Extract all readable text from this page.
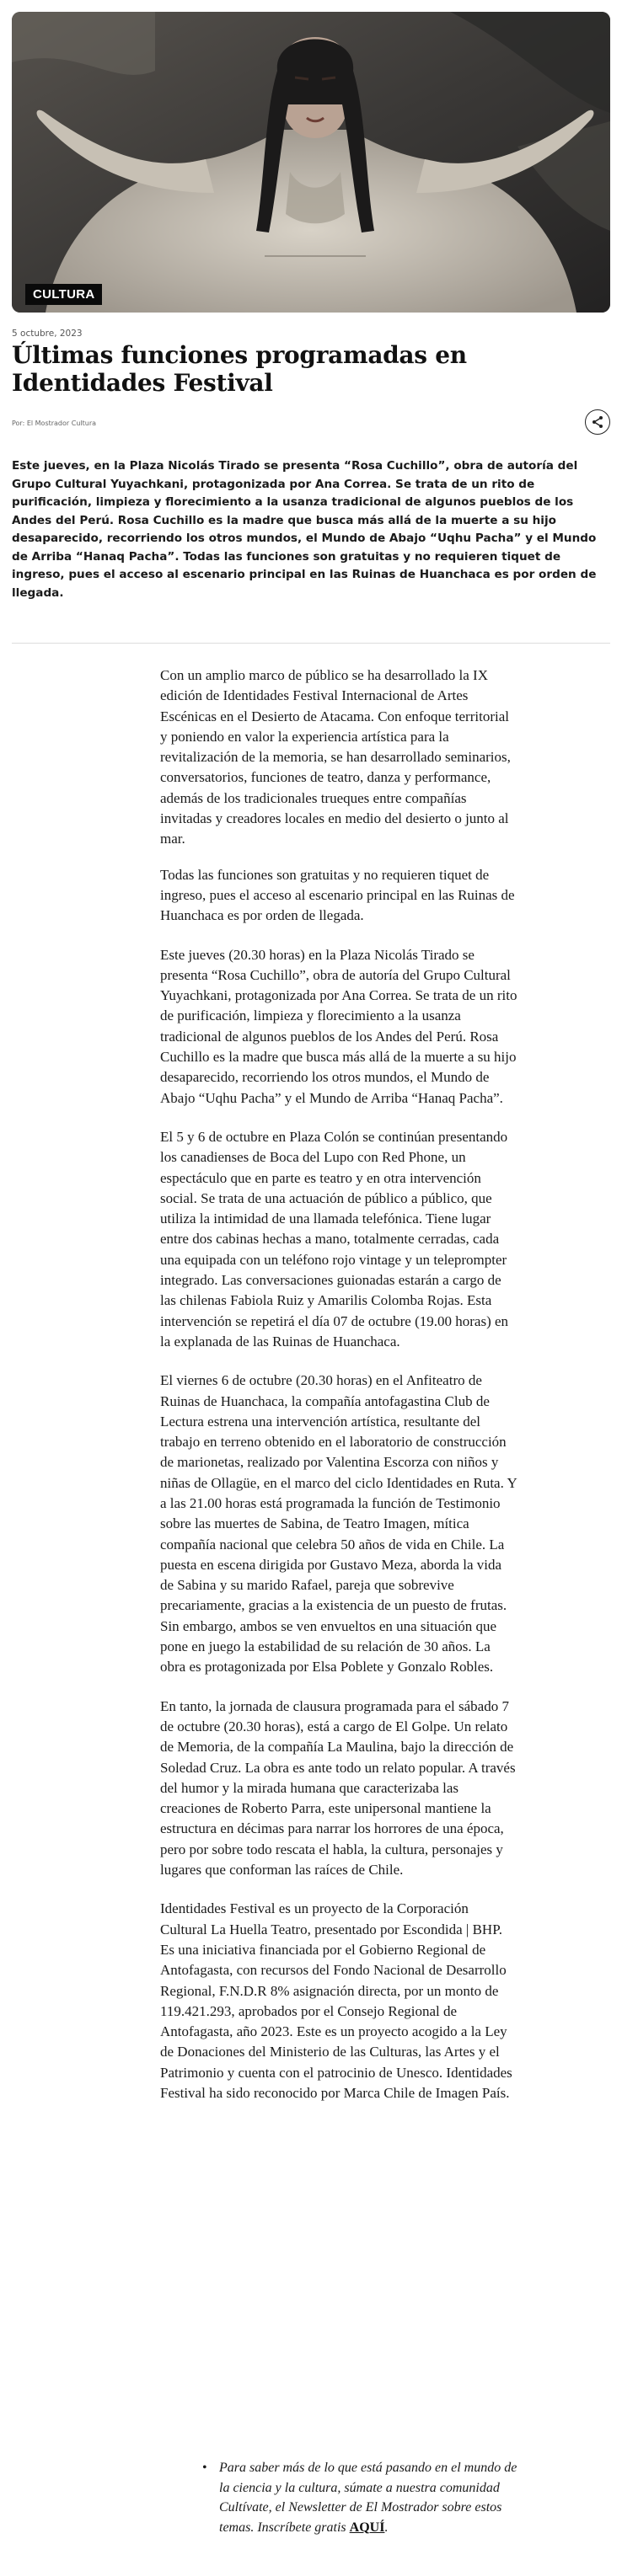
CULTURA
5 octubre, 2023
Últimas funciones programadas en Identidades Festival
Por: El Mostrador Cultura

Este jueves, en la Plaza Nicolás Tirado se presenta “Rosa Cuchillo”, obra de autoría del Grupo Cultural Yuyachkani, protagonizada por Ana Correa. Se trata de un rito de purificación, limpieza y florecimiento a la usanza tradicional de algunos pueblos de los Andes del Perú. Rosa Cuchillo es la madre que busca más allá de la muerte a su hijo desaparecido, recorriendo los otros mundos, el Mundo de Abajo “Uqhu Pacha” y el Mundo de Arriba “Hanaq Pacha”. Todas las funciones son gratuitas y no requieren tiquet de ingreso, pues el acceso al escenario principal en las Ruinas de Huanchaca es por orden de llegada.

Con un amplio marco de público se ha desarrollado la IX edición de Identidades Festival Internacional de Artes Escénicas en el Desierto de Atacama. Con enfoque territorial y poniendo en valor la experiencia artística para la revitalización de la memoria, se han desarrollado seminarios, conversatorios, funciones de teatro, danza y performance, además de los tradicionales trueques entre compañías invitadas y creadores locales en medio del desierto o junto al mar.

Todas las funciones son gratuitas y no requieren tiquet de ingreso, pues el acceso al escenario principal en las Ruinas de Huanchaca es por orden de llegada.

Este jueves (20.30 horas) en la Plaza Nicolás Tirado se presenta “Rosa Cuchillo”, obra de autoría del Grupo Cultural Yuyachkani, protagonizada por Ana Correa. Se trata de un rito de purificación, limpieza y florecimiento a la usanza tradicional de algunos pueblos de los Andes del Perú. Rosa Cuchillo es la madre que busca más allá de la muerte a su hijo desaparecido, recorriendo los otros mundos, el Mundo de Abajo “Uqhu Pacha” y el Mundo de Arriba “Hanaq Pacha”.

El 5 y 6 de octubre en Plaza Colón se continúan presentando los canadienses de Boca del Lupo con Red Phone, un espectáculo que en parte es teatro y en otra intervención social. Se trata de una actuación de público a público, que utiliza la intimidad de una llamada telefónica. Tiene lugar entre dos cabinas hechas a mano, totalmente cerradas, cada una equipada con un teléfono rojo vintage y un teleprompter integrado. Las conversaciones guionadas estarán a cargo de las chilenas Fabiola Ruiz y Amarilis Colomba Rojas. Esta intervención se repetirá el día 07 de octubre (19.00 horas) en la explanada de las Ruinas de Huanchaca.

El viernes 6 de octubre (20.30 horas) en el Anfiteatro de Ruinas de Huanchaca, la compañía antofagastina Club de Lectura estrena una intervención artística, resultante del trabajo en terreno obtenido en el laboratorio de construcción de marionetas, realizado por Valentina Escorza con niños y niñas de Ollagüe, en el marco del ciclo Identidades en Ruta. Y a las 21.00 horas está programada la función de Testimonio sobre las muertes de Sabina, de Teatro Imagen, mítica compañía nacional que celebra 50 años de vida en Chile. La puesta en escena dirigida por Gustavo Meza, aborda la vida de Sabina y su marido Rafael, pareja que sobrevive precariamente, gracias a la existencia de un puesto de frutas. Sin embargo, ambos se ven envueltos en una situación que pone en juego la estabilidad de su relación de 30 años. La obra es protagonizada por Elsa Poblete y Gonzalo Robles.

En tanto, la jornada de clausura programada para el sábado 7 de octubre (20.30 horas), está a cargo de El Golpe. Un relato de Memoria, de la compañía La Maulina, bajo la dirección de Soledad Cruz. La obra es ante todo un relato popular. A través del humor y la mirada humana que caracterizaba las creaciones de Roberto Parra, este unipersonal mantiene la estructura en décimas para narrar los horrores de una época, pero por sobre todo rescata el habla, la cultura, personajes y lugares que conforman las raíces de Chile.

Identidades Festival es un proyecto de la Corporación Cultural La Huella Teatro, presentado por Escondida | BHP. Es una iniciativa financiada por el Gobierno Regional de Antofagasta, con recursos del Fondo Nacional de Desarrollo Regional, F.N.D.R 8% asignación directa, por un monto de 119.421.293, aprobados por el Consejo Regional de Antofagasta, año 2023. Este es un proyecto acogido a la Ley de Donaciones del Ministerio de las Culturas, las Artes y el Patrimonio y cuenta con el patrocinio de Unesco. Identidades Festival ha sido reconocido por Marca Chile de Imagen País.

• Para saber más de lo que está pasando en el mundo de la ciencia y la cultura, súmate a nuestra comunidad Cultívate, el Newsletter de El Mostrador sobre estos temas. Inscríbete gratis AQUÍ.
